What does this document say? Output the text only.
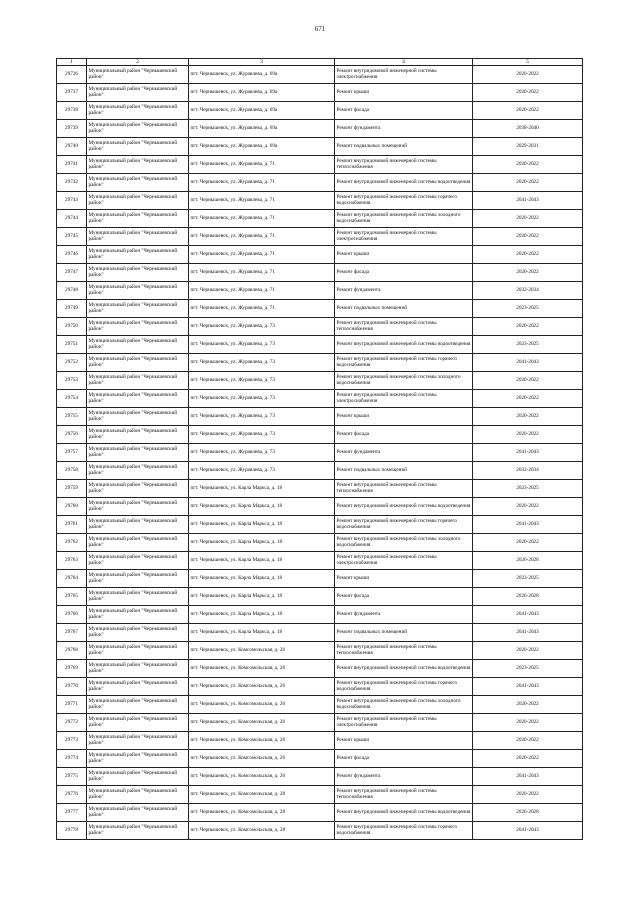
671
1	2	3	4	5
29736	Муниципальный район "Чернышевский район"	пгт. Чернышевск, ул. Журавлева, д. 69а	Ремонт внутридомовой инженерной системы электроснабжения	2020-2022
29737	Муниципальный район "Чернышевский район"	пгт. Чернышевск, ул. Журавлева, д. 69а	Ремонт крыши	2020-2022
29738	Муниципальный район "Чернышевский район"	пгт. Чернышевск, ул. Журавлева, д. 69а	Ремонт фасада	2020-2022
29739	Муниципальный район "Чернышевский район"	пгт. Чернышевск, ул. Журавлева, д. 69а	Ремонт фундамента	2038-2040
29740	Муниципальный район "Чернышевский район"	пгт. Чернышевск, ул. Журавлева, д. 69а	Ремонт подвальных помещений	2029-2031
29741	Муниципальный район "Чернышевский район"	пгт. Чернышевск, ул. Журавлева, д. 71	Ремонт внутридомовой инженерной системы теплоснабжения	2020-2022
29742	Муниципальный район "Чернышевский район"	пгт. Чернышевск, ул. Журавлева, д. 71	Ремонт внутридомовой инженерной системы водоотведения	2020-2022
29743	Муниципальный район "Чернышевский район"	пгт. Чернышевск, ул. Журавлева, д. 71	Ремонт внутридомовой инженерной системы горячего водоснабжения	2041-2043
29744	Муниципальный район "Чернышевский район"	пгт. Чернышевск, ул. Журавлева, д. 71	Ремонт внутридомовой инженерной системы холодного водоснабжения	2020-2022
29745	Муниципальный район "Чернышевский район"	пгт. Чернышевск, ул. Журавлева, д. 71	Ремонт внутридомовой инженерной системы электроснабжения	2020-2022
29746	Муниципальный район "Чернышевский район"	пгт. Чернышевск, ул. Журавлева, д. 71	Ремонт крыши	2020-2022
29747	Муниципальный район "Чернышевский район"	пгт. Чернышевск, ул. Журавлева, д. 71	Ремонт фасада	2020-2022
29748	Муниципальный район "Чернышевский район"	пгт. Чернышевск, ул. Журавлева, д. 71	Ремонт фундамента	2032-2034
29749	Муниципальный район "Чернышевский район"	пгт. Чернышевск, ул. Журавлева, д. 71	Ремонт подвальных помещений	2023-2025
29750	Муниципальный район "Чернышевский район"	пгт. Чернышевск, ул. Журавлева, д. 73	Ремонт внутридомовой инженерной системы теплоснабжения	2020-2022
29751	Муниципальный район "Чернышевский район"	пгт. Чернышевск, ул. Журавлева, д. 73	Ремонт внутридомовой инженерной системы водоотведения	2023-2025
29752	Муниципальный район "Чернышевский район"	пгт. Чернышевск, ул. Журавлева, д. 73	Ремонт внутридомовой инженерной системы горячего водоснабжения	2041-2043
29753	Муниципальный район "Чернышевский район"	пгт. Чернышевск, ул. Журавлева, д. 73	Ремонт внутридомовой инженерной системы холодного водоснабжения	2020-2022
29754	Муниципальный район "Чернышевский район"	пгт. Чернышевск, ул. Журавлева, д. 73	Ремонт внутридомовой инженерной системы электроснабжения	2020-2022
29755	Муниципальный район "Чернышевский район"	пгт. Чернышевск, ул. Журавлева, д. 73	Ремонт крыши	2020-2022
29756	Муниципальный район "Чернышевский район"	пгт. Чернышевск, ул. Журавлева, д. 73	Ремонт фасада	2020-2022
29757	Муниципальный район "Чернышевский район"	пгт. Чернышевск, ул. Журавлева, д. 73	Ремонт фундамента	2041-2043
29758	Муниципальный район "Чернышевский район"	пгт. Чернышевск, ул. Журавлева, д. 73	Ремонт подвальных помещений	2032-2034
29759	Муниципальный район "Чернышевский район"	пгт. Чернышевск, ул. Карла Маркса, д. 18	Ремонт внутридомовой инженерной системы теплоснабжения	2023-2025
29760	Муниципальный район "Чернышевский район"	пгт. Чернышевск, ул. Карла Маркса, д. 18	Ремонт внутридомовой инженерной системы водоотведения	2020-2022
29761	Муниципальный район "Чернышевский район"	пгт. Чернышевск, ул. Карла Маркса, д. 18	Ремонт внутридомовой инженерной системы горячего водоснабжения	2041-2043
29762	Муниципальный район "Чернышевский район"	пгт. Чернышевск, ул. Карла Маркса, д. 18	Ремонт внутридомовой инженерной системы холодного водоснабжения	2020-2022
29763	Муниципальный район "Чернышевский район"	пгт. Чернышевск, ул. Карла Маркса, д. 18	Ремонт внутридомовой инженерной системы электроснабжения	2026-2028
29764	Муниципальный район "Чернышевский район"	пгт. Чернышевск, ул. Карла Маркса, д. 18	Ремонт крыши	2023-2025
29765	Муниципальный район "Чернышевский район"	пгт. Чернышевск, ул. Карла Маркса, д. 18	Ремонт фасада	2026-2028
29766	Муниципальный район "Чернышевский район"	пгт. Чернышевск, ул. Карла Маркса, д. 18	Ремонт фундамента	2041-2043
29767	Муниципальный район "Чернышевский район"	пгт. Чернышевск, ул. Карла Маркса, д. 18	Ремонт подвальных помещений	2041-2043
29768	Муниципальный район "Чернышевский район"	пгт. Чернышевск, ул. Комсомольская, д. 26	Ремонт внутридомовой инженерной системы теплоснабжения	2020-2022
29769	Муниципальный район "Чернышевский район"	пгт. Чернышевск, ул. Комсомольская, д. 26	Ремонт внутридомовой инженерной системы водоотведения	2023-2025
29770	Муниципальный район "Чернышевский район"	пгт. Чернышевск, ул. Комсомольская, д. 26	Ремонт внутридомовой инженерной системы горячего водоснабжения	2041-2043
29771	Муниципальный район "Чернышевский район"	пгт. Чернышевск, ул. Комсомольская, д. 26	Ремонт внутридомовой инженерной системы холодного водоснабжения	2020-2022
29772	Муниципальный район "Чернышевский район"	пгт. Чернышевск, ул. Комсомольская, д. 26	Ремонт внутридомовой инженерной системы электроснабжения	2020-2022
29773	Муниципальный район "Чернышевский район"	пгт. Чернышевск, ул. Комсомольская, д. 26	Ремонт крыши	2020-2022
29774	Муниципальный район "Чернышевский район"	пгт. Чернышевск, ул. Комсомольская, д. 26	Ремонт фасада	2020-2022
29775	Муниципальный район "Чернышевский район"	пгт. Чернышевск, ул. Комсомольская, д. 26	Ремонт фундамента	2041-2043
29776	Муниципальный район "Чернышевский район"	пгт. Чернышевск, ул. Комсомольская, д. 28	Ремонт внутридомовой инженерной системы теплоснабжения	2020-2022
29777	Муниципальный район "Чернышевский район"	пгт. Чернышевск, ул. Комсомольская, д. 28	Ремонт внутридомовой инженерной системы водоотведения	2026-2028
29778	Муниципальный район "Чернышевский район"	пгт. Чернышевск, ул. Комсомольская, д. 28	Ремонт внутридомовой инженерной системы горячего водоснабжения	2041-2043
